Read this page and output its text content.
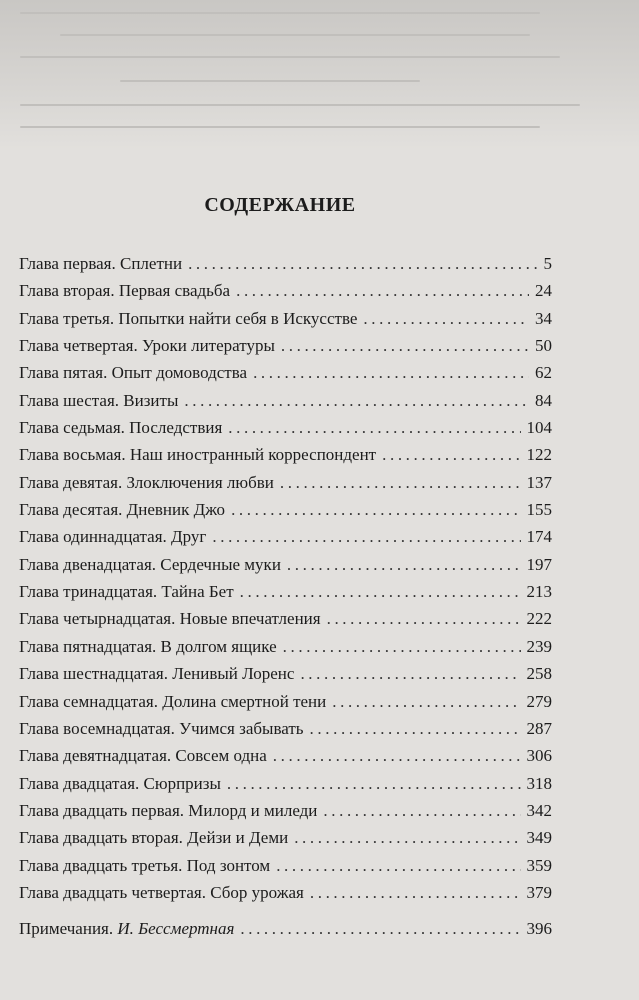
СОДЕРЖАНИЕ
Глава первая. Сплетни .....	5
Глава вторая. Первая свадьба .....	24
Глава третья. Попытки найти себя в Искусстве .....	34
Глава четвертая. Уроки литературы .....	50
Глава пятая. Опыт домоводства .....	62
Глава шестая. Визиты .....	84
Глава седьмая. Последствия .....	104
Глава восьмая. Наш иностранный корреспондент .....	122
Глава девятая. Злоключения любви .....	137
Глава десятая. Дневник Джо .....	155
Глава одиннадцатая. Друг .....	174
Глава двенадцатая. Сердечные муки .....	197
Глава тринадцатая. Тайна Бет .....	213
Глава четырнадцатая. Новые впечатления .....	222
Глава пятнадцатая. В долгом ящике .....	239
Глава шестнадцатая. Ленивый Лоренс .....	258
Глава семнадцатая. Долина смертной тени .....	279
Глава восемнадцатая. Учимся забывать .....	287
Глава девятнадцатая. Совсем одна .....	306
Глава двадцатая. Сюрпризы .....	318
Глава двадцать первая. Милорд и миледи .....	342
Глава двадцать вторая. Дейзи и Деми .....	349
Глава двадцать третья. Под зонтом .....	359
Глава двадцать четвертая. Сбор урожая .....	379
Примечания. И. Бессмертная .....	396
